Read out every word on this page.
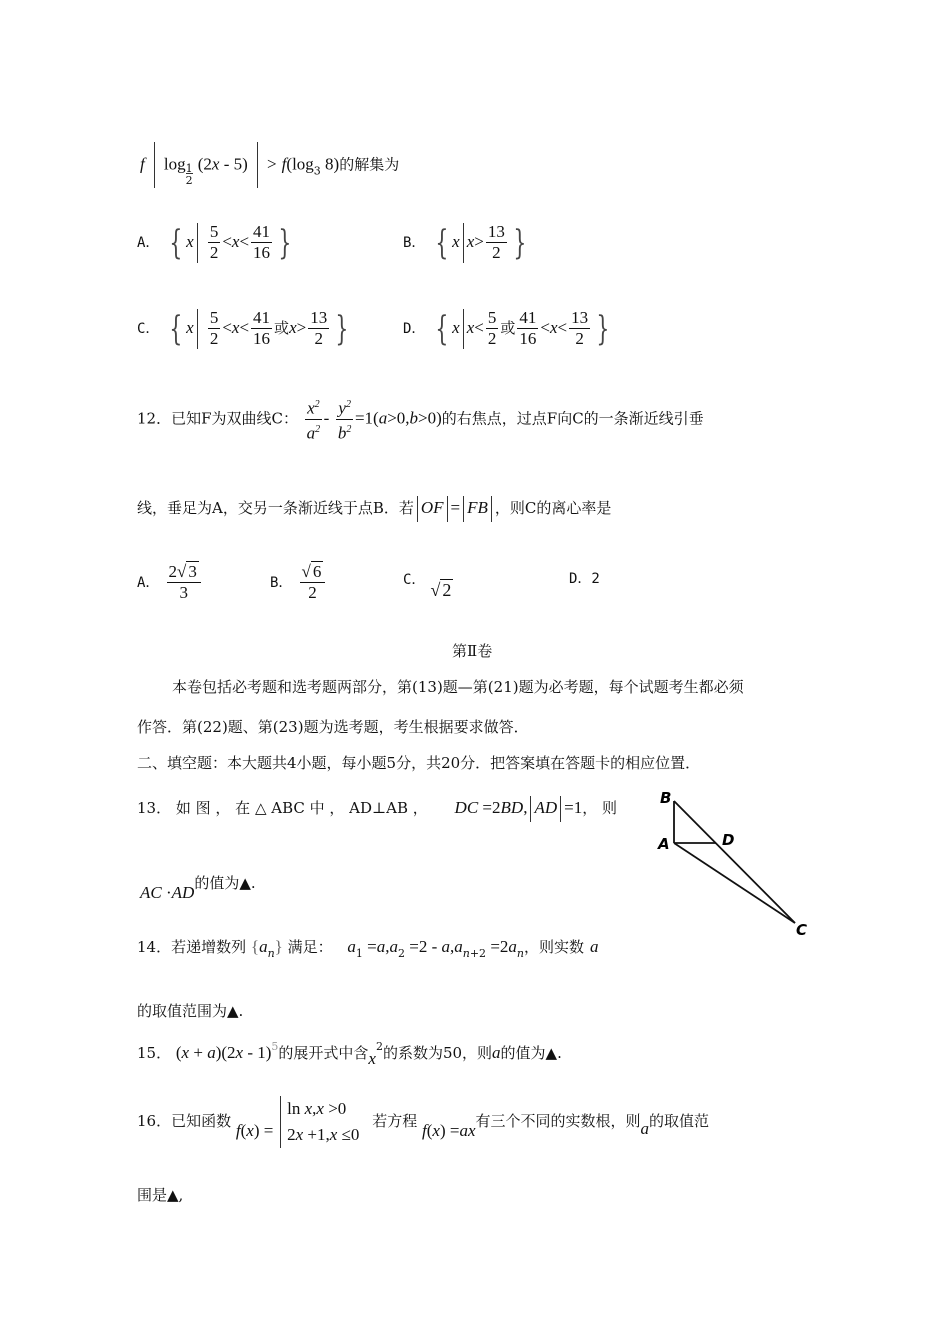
f log1
2 $(2x - 5) > f(\log_3$ 8)的解集为
A． { x $\frac{5}{2} <x< \frac{41}{16}$ }	B． { x $x> \frac{13}{2}$ }
C． { x $\frac{5}{2} <x< \frac{41}{16}$ 或$x> \frac{13}{2}$ }	D． { x $x< \frac{5}{2}$ 或 $\frac{41}{16} <x< \frac{13}{2}$ }
12．已知F为双曲线C： $\frac{x^2}{a^2} - \frac{y^2}{b^2} =1(a>0,b>0)$的右焦点，过点F向C的一条渐近线引垂
线，垂足为A，交另一条渐近线于点B．若 OF = FB ，则C的离心率是
A． $\frac{2√ 3}{3}$	B． $\frac{√ 6}{2}$	C． √ 2
D．2
第Ⅱ卷
本卷包括必考题和选考题两部分，第(13)题—第(21)题为必考题，每个试题考生都必须
作答．第(22)题、第(23)题为选考题，考生根据要求做答．
二、填空题：本大题共4小题，每小题5分，共20分．把答案填在答题卡的相应位置．
13． 如 图 ， 在 △ ABC 中 ， AD⊥AB ， DC =2BD, AD =1， 则
AC ·AD的值为▲.
B
A	D
C
14．若递增数列 $\{a_n\}$ 满足： $a_1 =a,a_2 =2 - a,a_{n+2} =2a_n$，则实数 a
的取值范围为▲.
15． (x + a)(2x - 1)$^5$的展开式中含$x^2$的系数为50，则a的值为▲.
16．已知函数 f(x) =
ln x,x >0
2x +1,x ≤0
若方程 f(x) =ax有三个不同的实数根，则a的取值范
围是▲,
